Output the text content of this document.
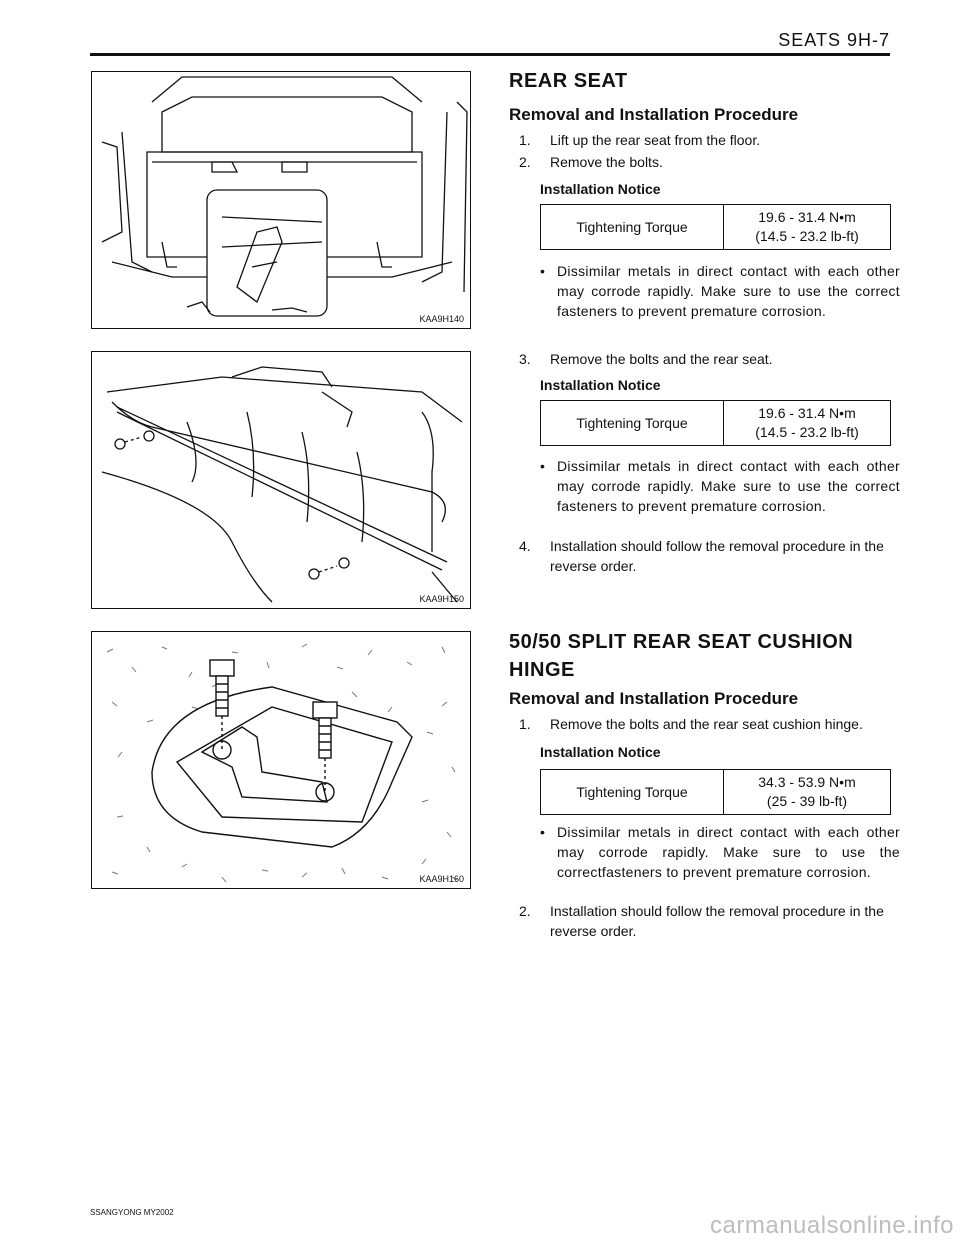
SEATS 9H-7
KAA9H140
KAA9H150
KAA9H160
REAR SEAT
Removal and Installation Procedure
1. Lift up the rear seat from the floor.
2. Remove the bolts.
Installation Notice
Tightening Torque
19.6 - 31.4 N•m
(14.5 - 23.2 lb-ft)
• Dissimilar metals in direct contact with each other may corrode rapidly. Make sure to use the correct fasteners to prevent premature corrosion.
3. Remove the bolts and the rear seat.
Installation Notice
Tightening Torque
19.6 - 31.4 N•m
(14.5 - 23.2 lb-ft)
• Dissimilar metals in direct contact with each other may corrode rapidly. Make sure to use the correct fasteners to prevent premature corrosion.
4. Installation should follow the removal procedure in the reverse order.
50/50 SPLIT REAR SEAT CUSHION HINGE
Removal and Installation Procedure
1. Remove the bolts and the rear seat cushion hinge.
Installation Notice
Tightening Torque
34.3 - 53.9 N•m
(25 - 39 lb-ft)
• Dissimilar metals in direct contact with each other may corrode rapidly. Make sure to use the correctfasteners to prevent premature corrosion.
2. Installation should follow the removal procedure in the reverse order.
SSANGYONG MY2002	carmanualsonline.info
